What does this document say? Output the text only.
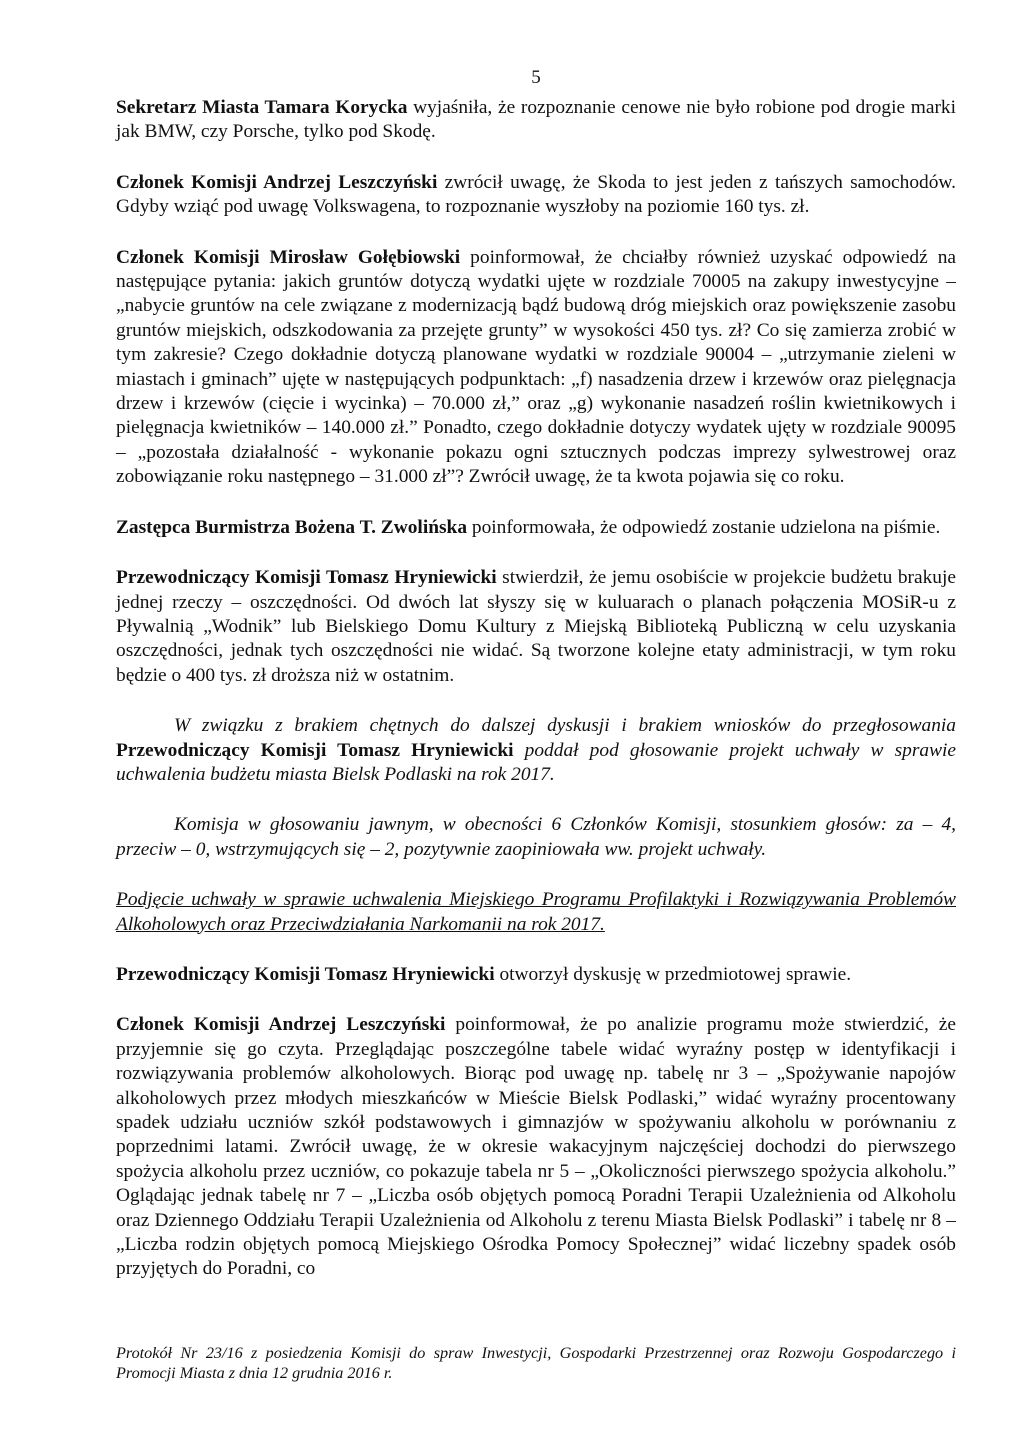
5

Sekretarz Miasta Tamara Korycka wyjaśniła, że rozpoznanie cenowe nie było robione pod drogie marki jak BMW, czy Porsche, tylko pod Skodę.

Członek Komisji Andrzej Leszczyński zwrócił uwagę, że Skoda to jest jeden z tańszych samochodów. Gdyby wziąć pod uwagę Volkswagena, to rozpoznanie wyszłoby na poziomie 160 tys. zł.

Członek Komisji Mirosław Gołębiowski poinformował, że chciałby również uzyskać odpowiedź na następujące pytania: jakich gruntów dotyczą wydatki ujęte w rozdziale 70005 na zakupy inwestycyjne – „nabycie gruntów na cele związane z modernizacją bądź budową dróg miejskich oraz powiększenie zasobu gruntów miejskich, odszkodowania za przejęte grunty” w wysokości 450 tys. zł? Co się zamierza zrobić w tym zakresie? Czego dokładnie dotyczą planowane wydatki w rozdziale 90004 – „utrzymanie zieleni w miastach i gminach” ujęte w następujących podpunktach: „f) nasadzenia drzew i krzewów oraz pielęgnacja drzew i krzewów (cięcie i wycinka) – 70.000 zł,” oraz „g) wykonanie nasadzeń roślin kwietnikowych i pielęgnacja kwietników – 140.000 zł.” Ponadto, czego dokładnie dotyczy wydatek ujęty w rozdziale 90095 – „pozostała działalność - wykonanie pokazu ogni sztucznych podczas imprezy sylwestrowej oraz zobowiązanie roku następnego – 31.000 zł”? Zwrócił uwagę, że ta kwota pojawia się co roku.

Zastępca Burmistrza Bożena T. Zwolińska poinformowała, że odpowiedź zostanie udzielona na piśmie.

Przewodniczący Komisji Tomasz Hryniewicki stwierdził, że jemu osobiście w projekcie budżetu brakuje jednej rzeczy – oszczędności. Od dwóch lat słyszy się w kuluarach o planach połączenia MOSiR-u z Pływalnią „Wodnik” lub Bielskiego Domu Kultury z Miejską Biblioteką Publiczną w celu uzyskania oszczędności, jednak tych oszczędności nie widać. Są tworzone kolejne etaty administracji, w tym roku będzie o 400 tys. zł droższa niż w ostatnim.

W związku z brakiem chętnych do dalszej dyskusji i brakiem wniosków do przegłosowania Przewodniczący Komisji Tomasz Hryniewicki poddał pod głosowanie projekt uchwały w sprawie uchwalenia budżetu miasta Bielsk Podlaski na rok 2017.

Komisja w głosowaniu jawnym, w obecności 6 Członków Komisji, stosunkiem głosów: za – 4, przeciw – 0, wstrzymujących się – 2, pozytywnie zaopiniowała ww. projekt uchwały.

Podjęcie uchwały w sprawie uchwalenia Miejskiego Programu Profilaktyki i Rozwiązywania Problemów Alkoholowych oraz Przeciwdziałania Narkomanii na rok 2017.

Przewodniczący Komisji Tomasz Hryniewicki otworzył dyskusję w przedmiotowej sprawie.

Członek Komisji Andrzej Leszczyński poinformował, że po analizie programu może stwierdzić, że przyjemnie się go czyta. Przeglądając poszczególne tabele widać wyraźny postęp w identyfikacji i rozwiązywania problemów alkoholowych. Biorąc pod uwagę np. tabelę nr 3 – „Spożywanie napojów alkoholowych przez młodych mieszkańców w Mieście Bielsk Podlaski,” widać wyraźny procentowany spadek udziału uczniów szkół podstawowych i gimnazjów w spożywaniu alkoholu w porównaniu z poprzednimi latami. Zwrócił uwagę, że w okresie wakacyjnym najczęściej dochodzi do pierwszego spożycia alkoholu przez uczniów, co pokazuje tabela nr 5 – „Okoliczności pierwszego spożycia alkoholu.” Oglądając jednak tabelę nr 7 – „Liczba osób objętych pomocą Poradni Terapii Uzależnienia od Alkoholu oraz Dziennego Oddziału Terapii Uzależnienia od Alkoholu z terenu Miasta Bielsk Podlaski” i tabelę nr 8 – „Liczba rodzin objętych pomocą Miejskiego Ośrodka Pomocy Społecznej” widać liczebny spadek osób przyjętych do Poradni, co

Protokół Nr 23/16 z posiedzenia Komisji do spraw Inwestycji, Gospodarki Przestrzennej oraz Rozwoju Gospodarczego i Promocji Miasta z dnia 12 grudnia 2016 r.
